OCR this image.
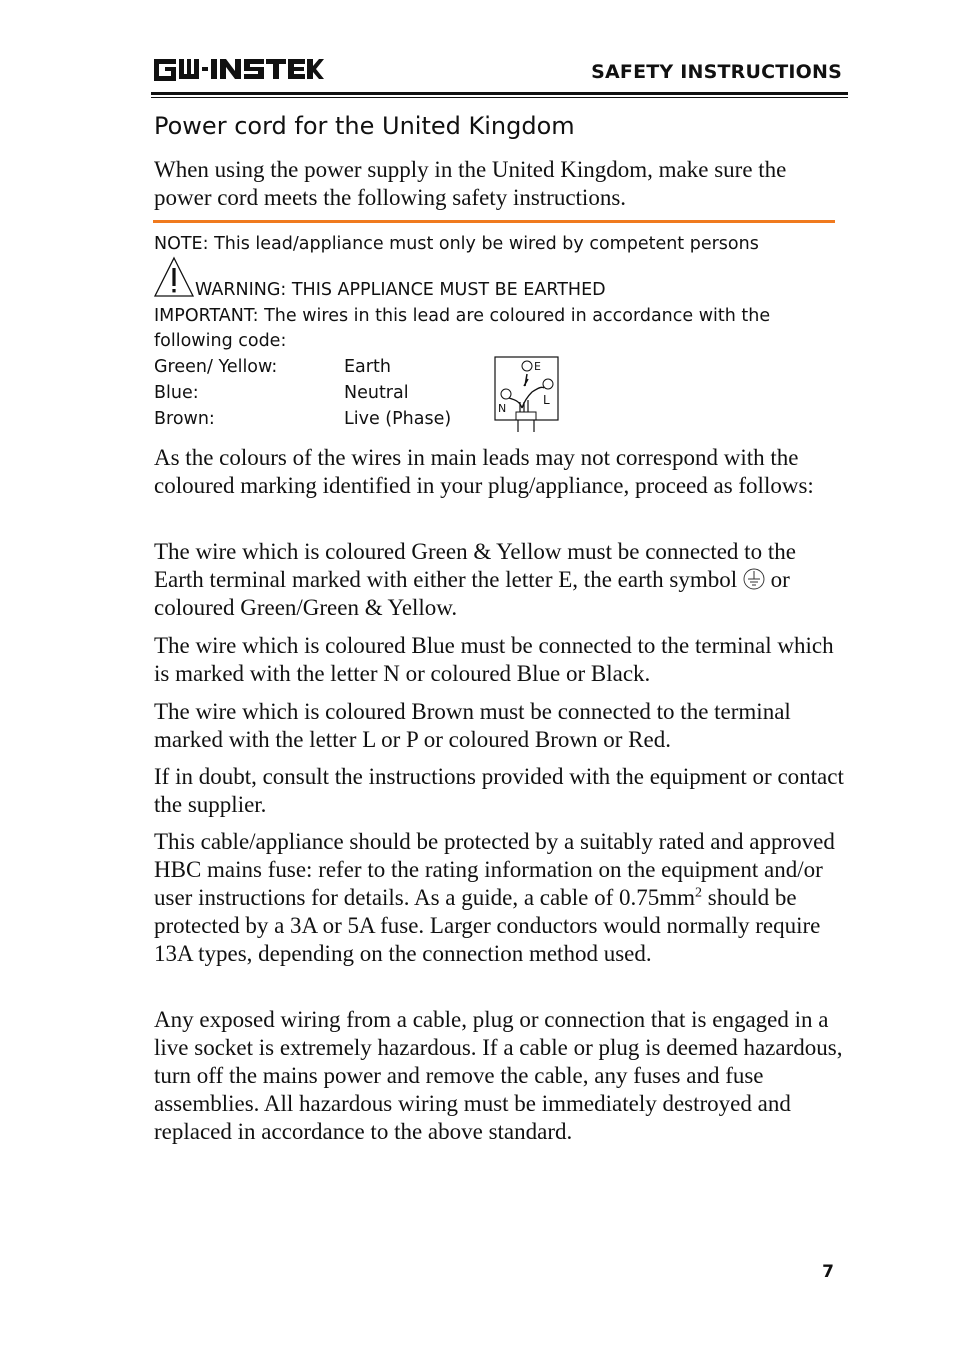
SAFETY INSTRUCTIONS
Power cord for the United Kingdom

When using the power supply in the United Kingdom, make sure the power cord meets the following safety instructions.

NOTE: This lead/appliance must only be wired by competent persons
WARNING: THIS APPLIANCE MUST BE EARTHED
IMPORTANT: The wires in this lead are coloured in accordance with the
following code:
Green/ Yellow:	Earth
Blue:	Neutral
Brown:	Live (Phase)
E
N
L

As the colours of the wires in main leads may not correspond with the coloured marking identified in your plug/appliance, proceed as follows:

The wire which is coloured Green & Yellow must be connected to the Earth terminal marked with either the letter E, the earth symbol  or coloured Green/Green & Yellow.

The wire which is coloured Blue must be connected to the terminal which is marked with the letter N or coloured Blue or Black.

The wire which is coloured Brown must be connected to the terminal marked with the letter L or P or coloured Brown or Red.

If in doubt, consult the instructions provided with the equipment or contact the supplier.

This cable/appliance should be protected by a suitably rated and approved HBC mains fuse: refer to the rating information on the equipment and/or user instructions for details. As a guide, a cable of $0.75mm^2$ should be protected by a 3A or 5A fuse. Larger conductors would normally require 13A types, depending on the connection method used.

Any exposed wiring from a cable, plug or connection that is engaged in a live socket is extremely hazardous. If a cable or plug is deemed hazardous, turn off the mains power and remove the cable, any fuses and fuse assemblies. All hazardous wiring must be immediately destroyed and replaced in accordance to the above standard.

7
